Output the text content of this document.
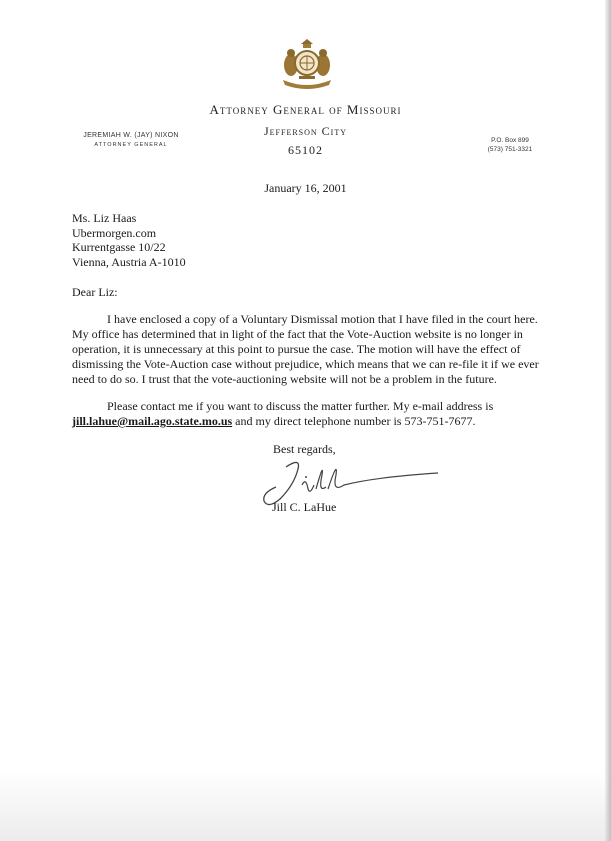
Attorney General of Missouri
Jefferson City
65102
JEREMIAH W. (JAY) NIXON
ATTORNEY GENERAL
P.O. Box 899
(573) 751-3321
January 16, 2001
Ms. Liz Haas
Ubermorgen.com
Kurrentgasse 10/22
Vienna, Austria A-1010
Dear Liz:

I have enclosed a copy of a Voluntary Dismissal motion that I have filed in the court here. My office has determined that in light of the fact that the Vote-Auction website is no longer in operation, it is unnecessary at this point to pursue the case. The motion will have the effect of dismissing the Vote-Auction case without prejudice, which means that we can re-file it if we ever need to do so. I trust that the vote-auctioning website will not be a problem in the future.

Please contact me if you want to discuss the matter further. My e-mail address is jill.lahue@mail.ago.state.mo.us and my direct telephone number is 573-751-7677.

Best regards,
Jill C. LaHue
